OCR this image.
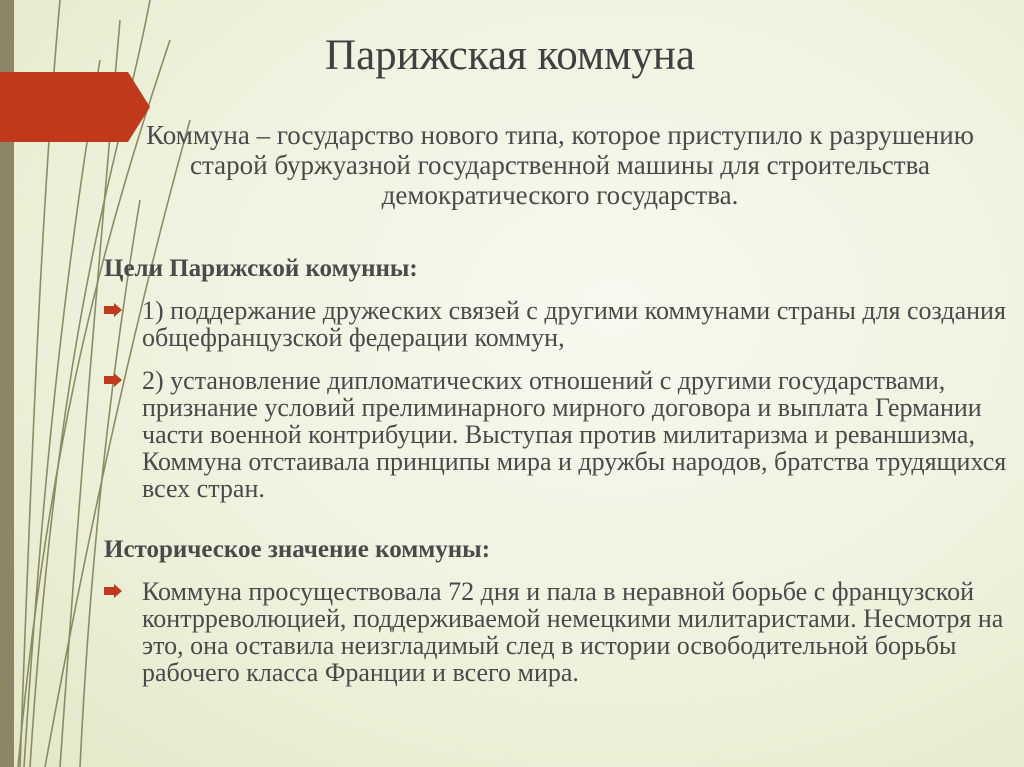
Парижская коммуна

Коммуна – государство нового типа, которое приступило к разрушению старой буржуазной государственной машины для строительства демократического государства.

Цели Парижской комунны:
1) поддержание дружеских связей с другими коммунами страны для создания общефранцузской федерации коммун,
2) установление дипломатических отношений с другими государствами, признание условий прелиминарного мирного договора и выплата Германии части военной контрибуции. Выступая против милитаризма и реваншизма, Коммуна отстаивала принципы мира и дружбы народов, братства трудящихся всех стран.
Историческое значение коммуны:
Коммуна просуществовала 72 дня и пала в неравной борьбе с французской контрреволюцией, поддерживаемой немецкими милитаристами. Несмотря на это, она оставила неизгладимый след в истории освободительной борьбы рабочего класса Франции и всего мира.
